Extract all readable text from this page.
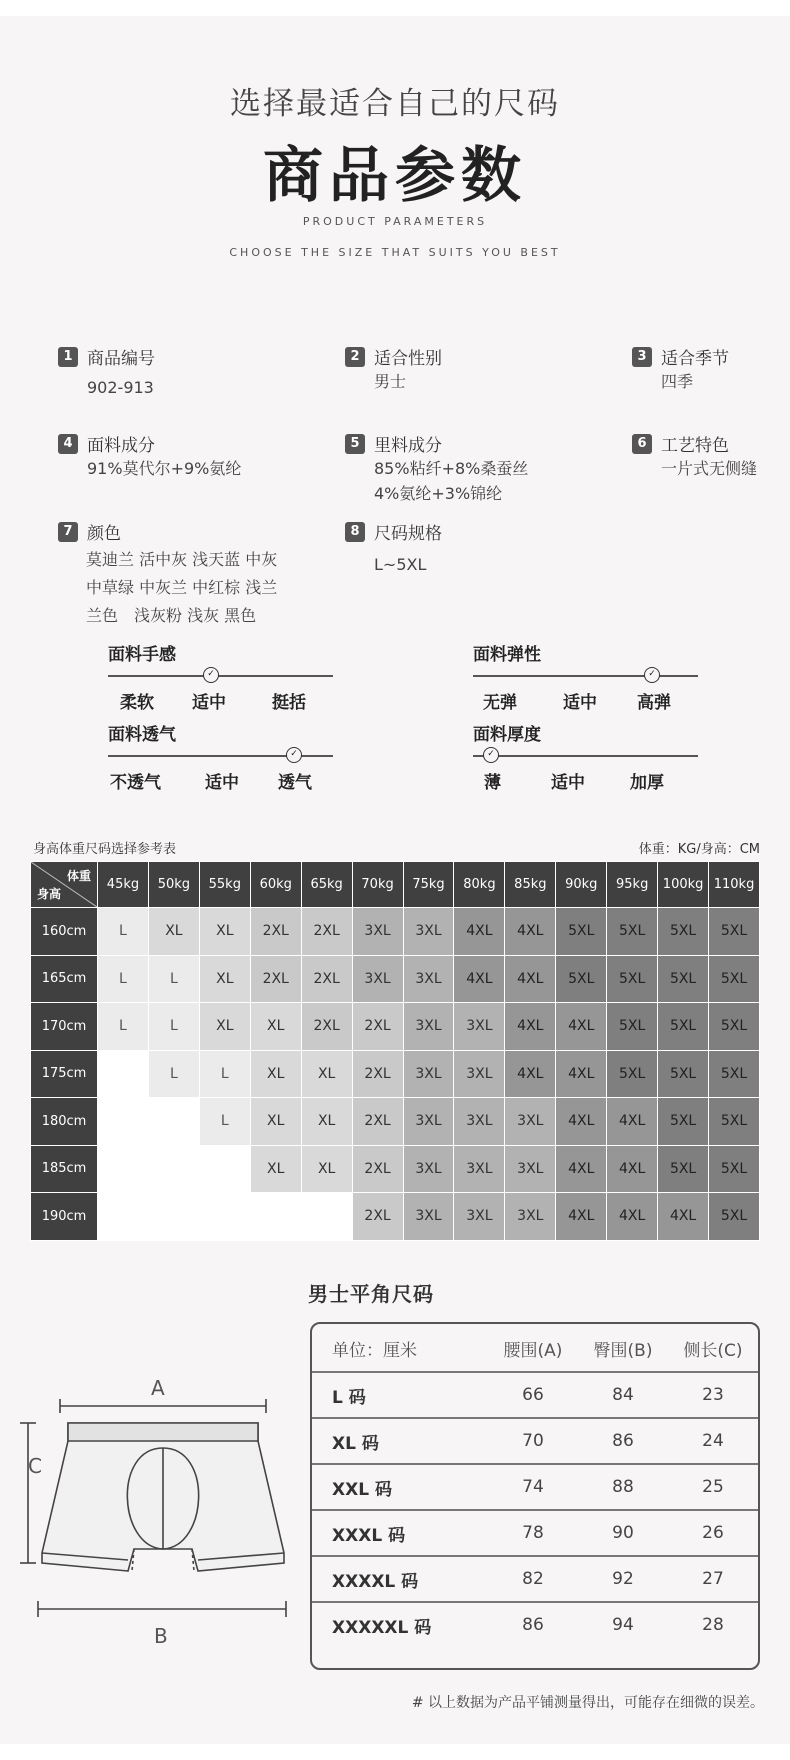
选择最适合自己的尺码
商品参数
PRODUCT PARAMETERS
CHOOSE THE SIZE THAT SUITS YOU BEST
1 商品编号
902-913
2 适合性别
男士
3 适合季节
四季
4 面料成分
91%莫代尔+9%氨纶
5 里料成分
85%粘纤+8%桑蚕丝
4%氨纶+3%锦纶
6 工艺特色
一片式无侧缝
7 颜色
莫迪兰 活中灰 浅天蓝 中灰
中草绿 中灰兰 中红棕 浅兰
兰色　浅灰粉 浅灰 黑色
8 尺码规格
L~5XL
面料手感
✓
柔软 适中	挺括
面料弹性
✓
无弹	适中 高弹
面料透气
✓
不透气	适中 透气
面料厚度
✓
薄	适中	加厚
身高体重尺码选择参考表	体重：KG/身高：CM
体重
身高	45kg	50kg	55kg	60kg	65kg	70kg	75kg	80kg	85kg	90kg	95kg	100kg	110kg
160cm	L	XL	XL	2XL	2XL	3XL	3XL	4XL	4XL	5XL	5XL	5XL	5XL
165cm	L	L	XL	2XL	2XL	3XL	3XL	4XL	4XL	5XL	5XL	5XL	5XL
170cm	L	L	XL	XL	2XL	2XL	3XL	3XL	4XL	4XL	5XL	5XL	5XL
175cm		L	L	XL	XL	2XL	3XL	3XL	4XL	4XL	5XL	5XL	5XL
180cm			L	XL	XL	2XL	3XL	3XL	3XL	4XL	4XL	5XL	5XL
185cm				XL	XL	2XL	3XL	3XL	3XL	4XL	4XL	5XL	5XL
190cm						2XL	3XL	3XL	3XL	4XL	4XL	4XL	5XL
男士平角尺码
A
C
B
单位：厘米	腰围(A)	臀围(B)	侧长(C)
L 码	66	84	23
XL 码	70	86	24
XXL 码	74	88	25
XXXL 码	78	90	26
XXXXL 码	82	92	27
XXXXXL 码	86	94	28
# 以上数据为产品平铺测量得出，可能存在细微的误差。
